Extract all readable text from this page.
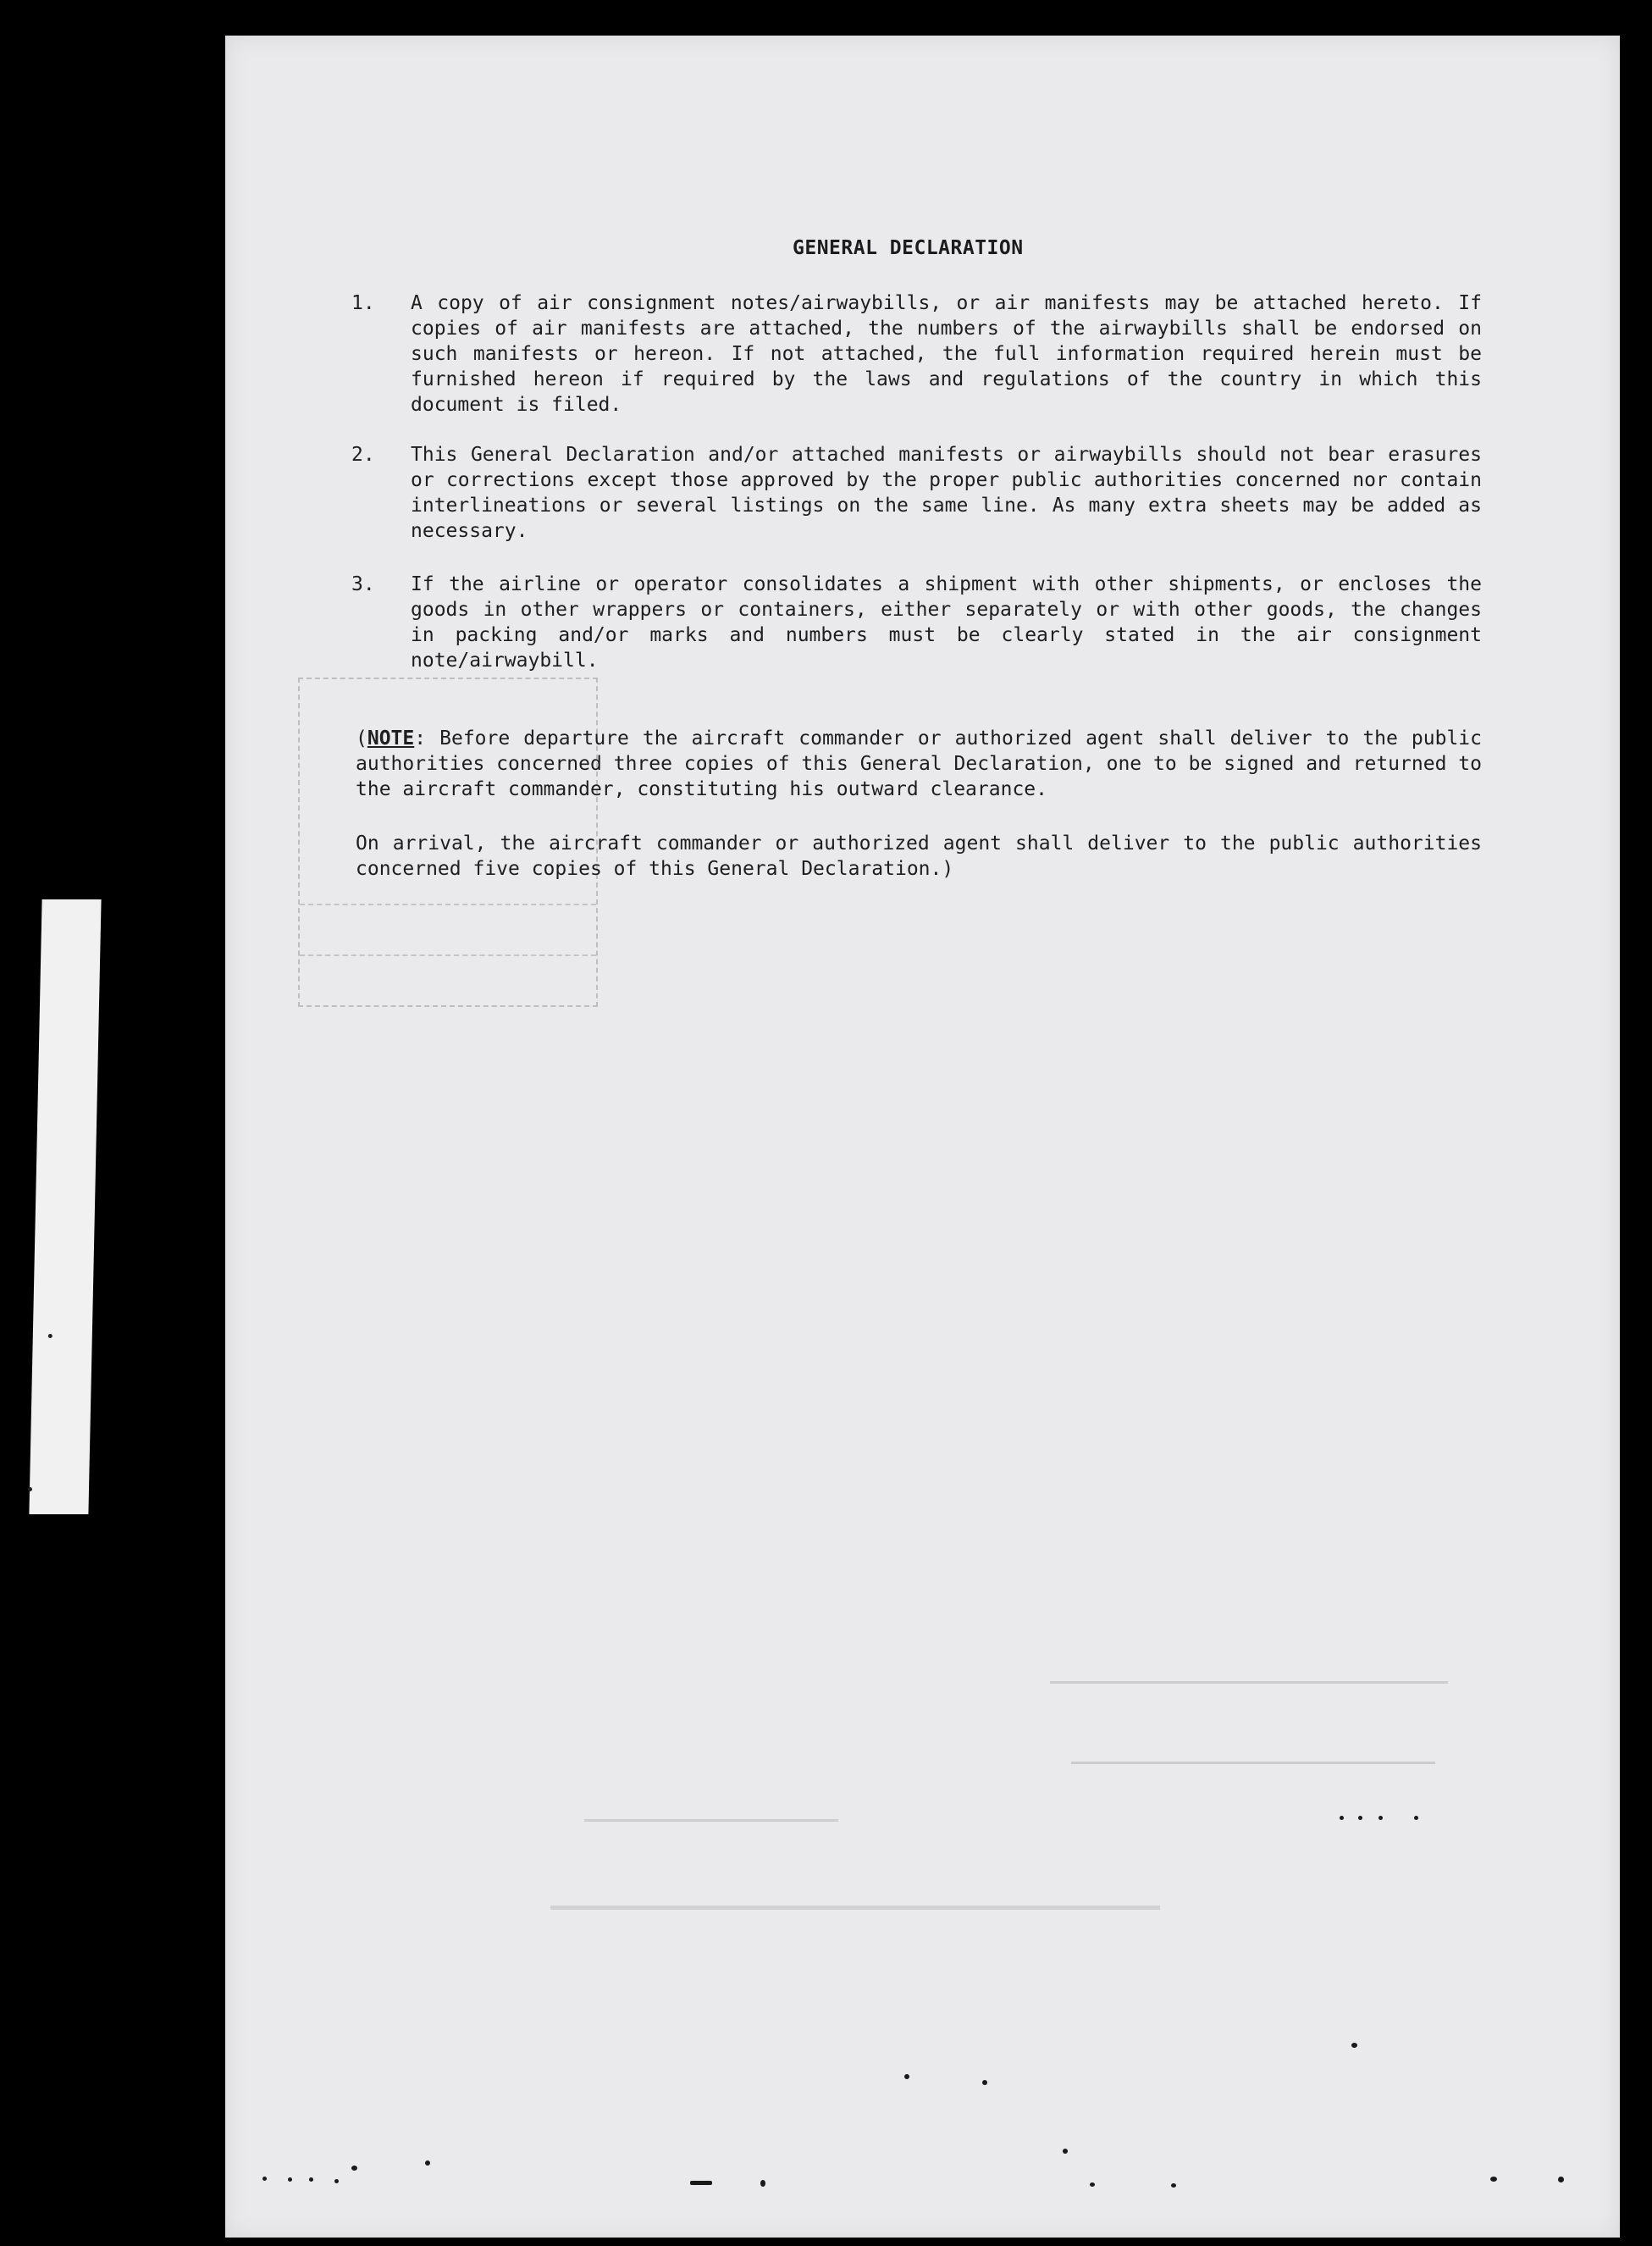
GENERAL DECLARATION
1.	A copy of air consignment notes/airwaybills, or air manifests may be attached hereto. If copies of air manifests are attached, the numbers of the airwaybills shall be endorsed on such manifests or hereon. If not attached, the full information required herein must be furnished hereon if required by the laws and regulations of the country in which this document is filed.

2.	This General Declaration and/or attached manifests or airwaybills should not bear erasures or corrections except those approved by the proper public authorities concerned nor contain interlineations or several listings on the same line. As many extra sheets may be added as necessary.

3.	If the airline or operator consolidates a shipment with other shipments, or encloses the goods in other wrappers or containers, either separately or with other goods, the changes in packing and/or marks and numbers must be clearly stated in the air consignment note/airwaybill.

(NOTE: Before departure the aircraft commander or authorized agent shall deliver to the public authorities concerned three copies of this General Declaration, one to be signed and returned to the aircraft commander, constituting his outward clearance.

On arrival, the aircraft commander or authorized agent shall deliver to the public authorities concerned five copies of this General Declaration.)
